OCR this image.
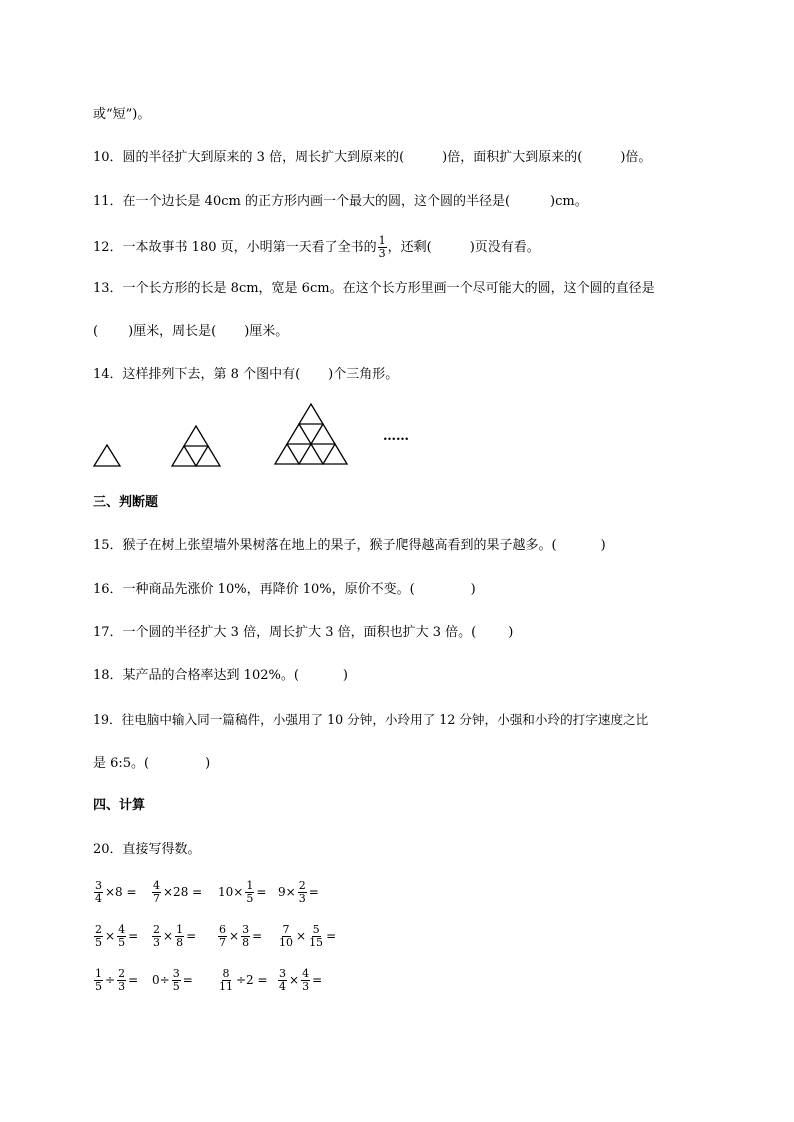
或“短”)。
10．圆的半径扩大到原来的 3 倍，周长扩大到原来的(	)倍，面积扩大到原来的(	)倍。
11．在一个边长是 40cm 的正方形内画一个最大的圆，这个圆的半径是(	)cm。
12．一本故事书 180 页，小明第一天看了全书的 $\frac{1}{3}$ ，还剩(	)页没有看。
13．一个长方形的长是 8cm，宽是 6cm。在这个长方形里画一个尽可能大的圆，这个圆的直径是
( )厘米，周长是( )厘米。
14．这样排列下去，第 8 个图中有( )个三角形。
……
三、判断题
15．猴子在树上张望墙外果树落在地上的果子，猴子爬得越高看到的果子越多。(	)
16．一种商品先涨价 10%，再降价 10%，原价不变。(	)
17．一个圆的半径扩大 3 倍，周长扩大 3 倍，面积也扩大 3 倍。( )
18．某产品的合格率达到 102%。(	)
19．往电脑中输入同一篇稿件，小强用了 10 分钟，小玲用了 12 分钟，小强和小玲的打字速度之比
是 6:5。(	)
四、计算
20．直接写得数。
$\frac{3}{4} \times 8 = \frac{4}{7} \times 28 = 10\times \frac{1}{5} = 9\times \frac{2}{3}$ =
$\frac{2}{5} \times \frac{4}{5} = \frac{2}{3} \times \frac{1}{8} = \frac{6}{7} \times \frac{3}{8} = \frac{7}{10} \times \frac{5}{15}$ =
$\frac{1}{5} \div \frac{2}{3} = 0\div \frac{3}{5} = \frac{8}{11} \div 2 = \frac{3}{4} \times \frac{4}{3}$ =
